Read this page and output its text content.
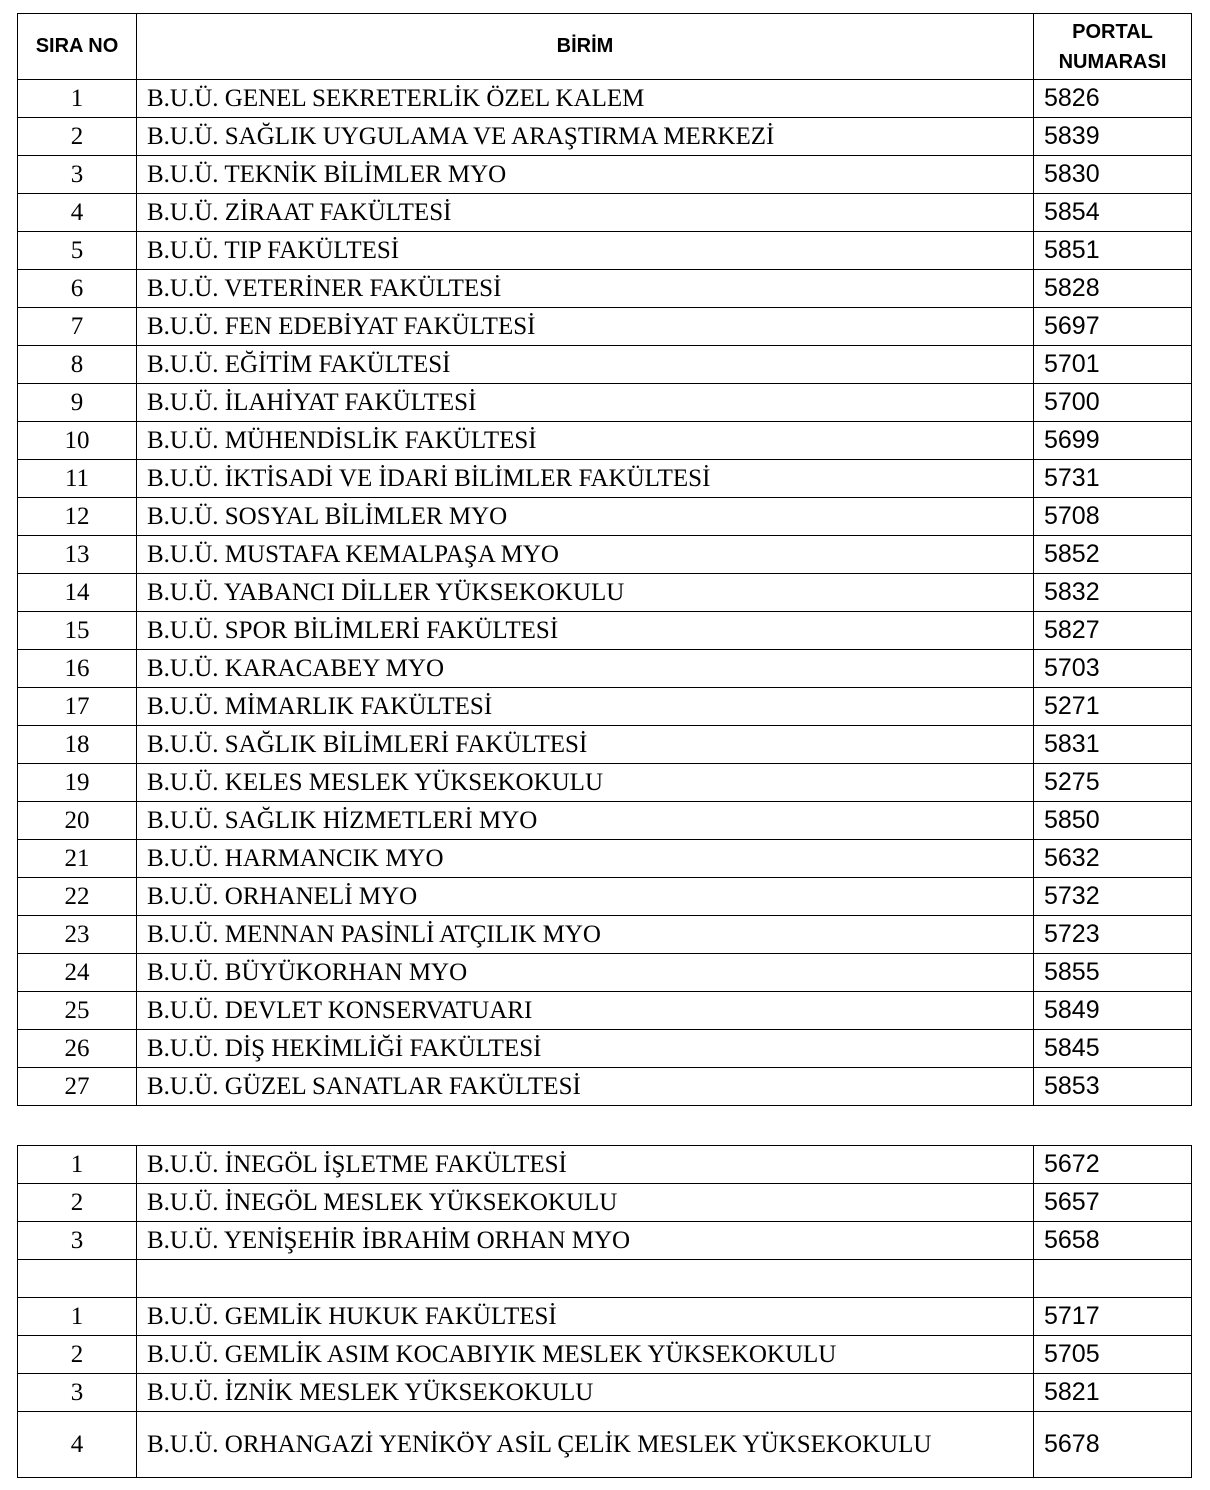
SIRA NO	BİRİM	PORTAL
NUMARASI
1	B.U.Ü. GENEL SEKRETERLİK ÖZEL KALEM	5826
2	B.U.Ü. SAĞLIK UYGULAMA VE ARAŞTIRMA MERKEZİ	5839
3	B.U.Ü. TEKNİK BİLİMLER MYO	5830
4	B.U.Ü. ZİRAAT FAKÜLTESİ	5854
5	B.U.Ü. TIP FAKÜLTESİ	5851
6	B.U.Ü. VETERİNER FAKÜLTESİ	5828
7	B.U.Ü. FEN EDEBİYAT FAKÜLTESİ	5697
8	B.U.Ü. EĞİTİM FAKÜLTESİ	5701
9	B.U.Ü. İLAHİYAT FAKÜLTESİ	5700
10	B.U.Ü. MÜHENDİSLİK FAKÜLTESİ	5699
11	B.U.Ü. İKTİSADİ VE İDARİ BİLİMLER FAKÜLTESİ	5731
12	B.U.Ü. SOSYAL BİLİMLER MYO	5708
13	B.U.Ü. MUSTAFA KEMALPAŞA MYO	5852
14	B.U.Ü. YABANCI DİLLER YÜKSEKOKULU	5832
15	B.U.Ü. SPOR BİLİMLERİ FAKÜLTESİ	5827
16	B.U.Ü. KARACABEY MYO	5703
17	B.U.Ü. MİMARLIK FAKÜLTESİ	5271
18	B.U.Ü. SAĞLIK BİLİMLERİ FAKÜLTESİ	5831
19	B.U.Ü. KELES MESLEK YÜKSEKOKULU	5275
20	B.U.Ü. SAĞLIK HİZMETLERİ MYO	5850
21	B.U.Ü. HARMANCIK MYO	5632
22	B.U.Ü. ORHANELİ MYO	5732
23	B.U.Ü. MENNAN PASİNLİ ATÇILIK MYO	5723
24	B.U.Ü. BÜYÜKORHAN MYO	5855
25	B.U.Ü. DEVLET KONSERVATUARI	5849
26	B.U.Ü. DİŞ HEKİMLİĞİ FAKÜLTESİ	5845
27	B.U.Ü. GÜZEL SANATLAR FAKÜLTESİ	5853
1	B.U.Ü. İNEGÖL İŞLETME FAKÜLTESİ	5672
2	B.U.Ü. İNEGÖL MESLEK YÜKSEKOKULU	5657
3	B.U.Ü. YENİŞEHİR İBRAHİM ORHAN MYO	5658

1	B.U.Ü. GEMLİK HUKUK FAKÜLTESİ	5717
2	B.U.Ü. GEMLİK ASIM KOCABIYIK MESLEK YÜKSEKOKULU	5705
3	B.U.Ü. İZNİK MESLEK YÜKSEKOKULU	5821
4	B.U.Ü. ORHANGAZİ YENİKÖY ASİL ÇELİK MESLEK YÜKSEKOKULU	5678
